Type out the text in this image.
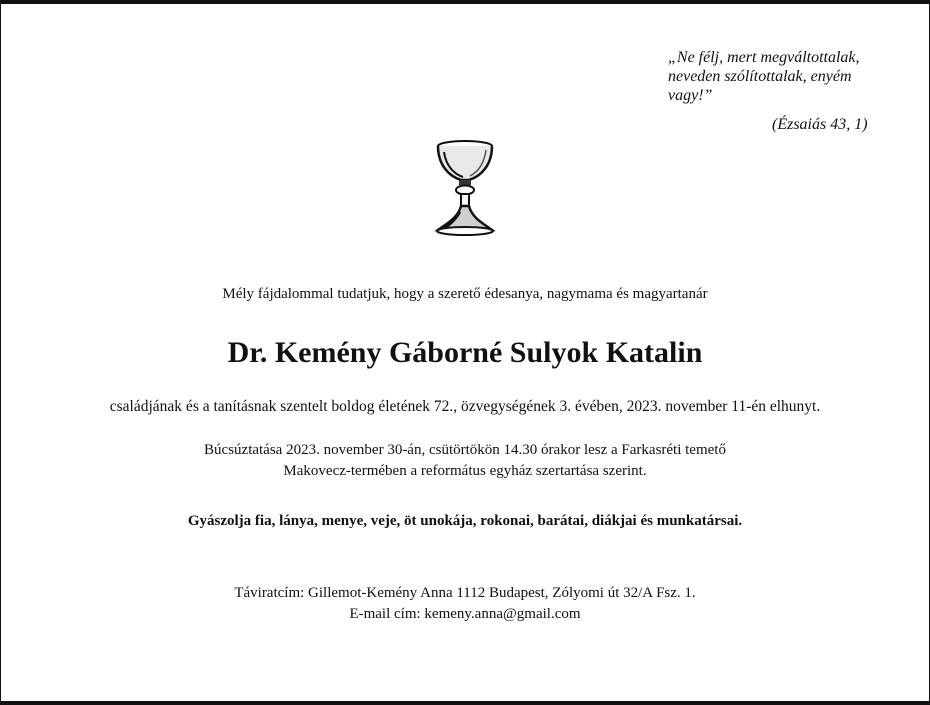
„Ne félj, mert megváltottalak,
neveden szólítottalak, enyém
vagy!”
(Ézsaiás 43, 1)
Mély fájdalommal tudatjuk, hogy a szerető édesanya, nagymama és magyartanár
Dr. Kemény Gáborné Sulyok Katalin
családjának és a tanításnak szentelt boldog életének 72., özvegységének 3. évében, 2023. november 11-én elhunyt.
Búcsúztatása 2023. november 30-án, csütörtökön 14.30 órakor lesz a Farkasréti temető
Makovecz-termében a református egyház szertartása szerint.
Gyászolja fia, lánya, menye, veje, öt unokája, rokonai, barátai, diákjai és munkatársai.
Táviratcím: Gillemot-Kemény Anna 1112 Budapest, Zólyomi út 32/A Fsz. 1.
E-mail cím: kemeny.anna@gmail.com
